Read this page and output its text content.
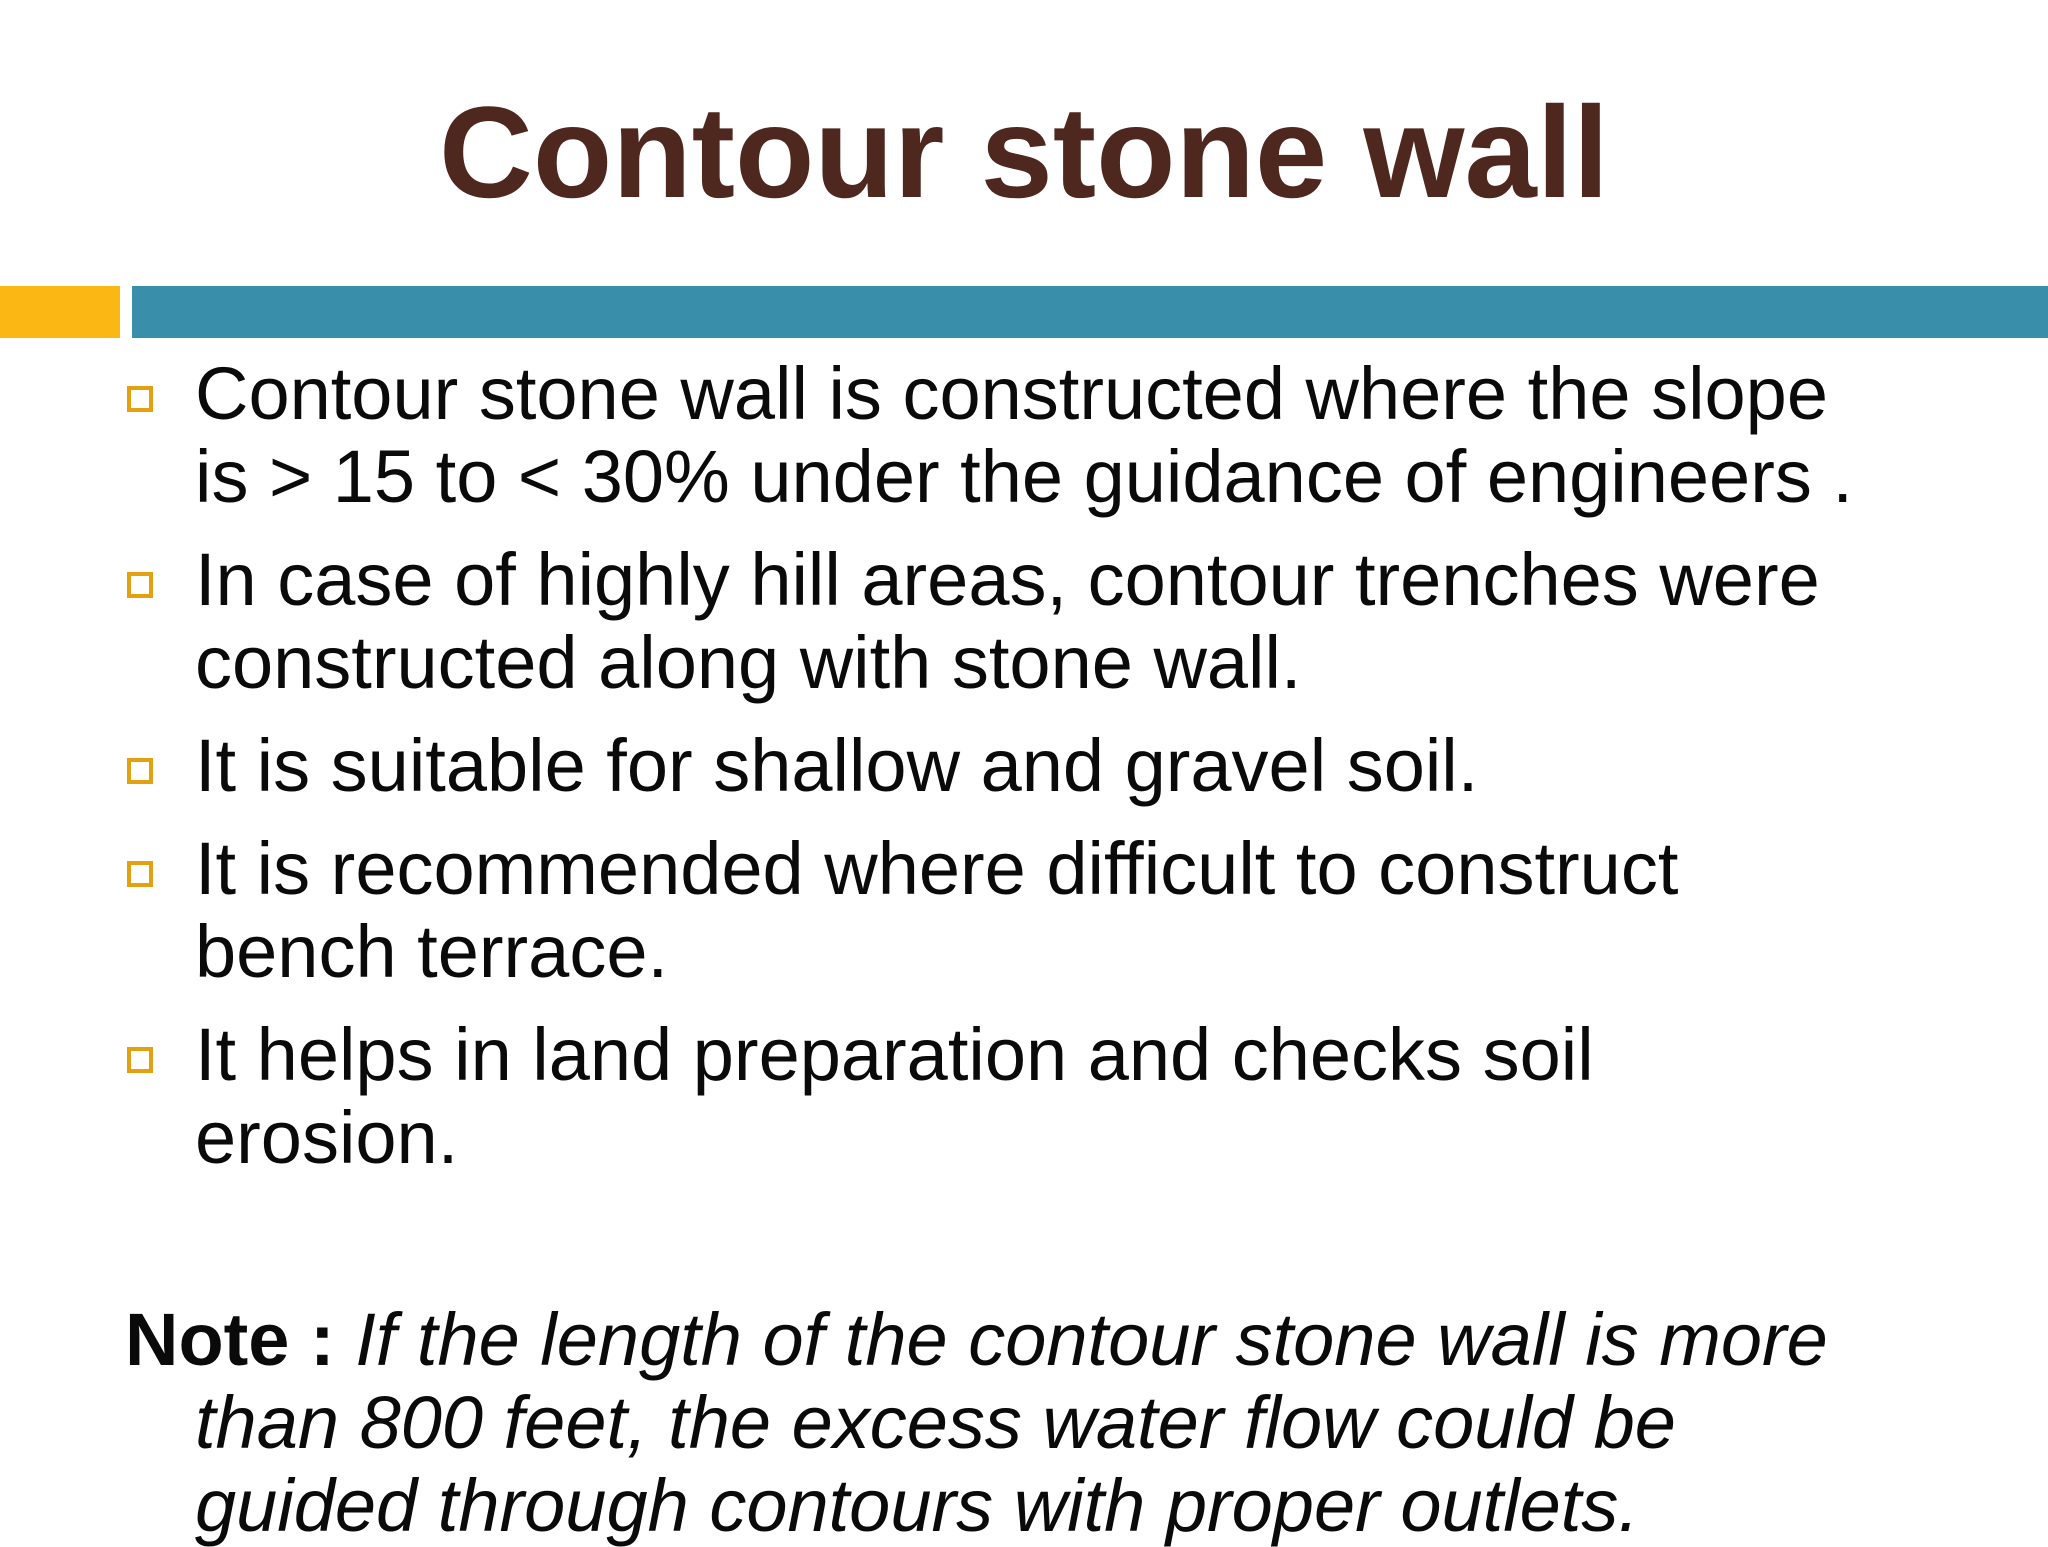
Contour stone wall
Contour stone wall is constructed where the slope
is > 15 to < 30% under the guidance of engineers .
In case of highly hill areas, contour trenches were
constructed along with stone wall.
It is suitable for shallow and gravel soil.
It is recommended where difficult to construct
bench terrace.
It helps in land preparation and checks soil
erosion.

Note : If the length of the contour stone wall is more
than 800 feet, the excess water flow could be
guided through contours with proper outlets.
